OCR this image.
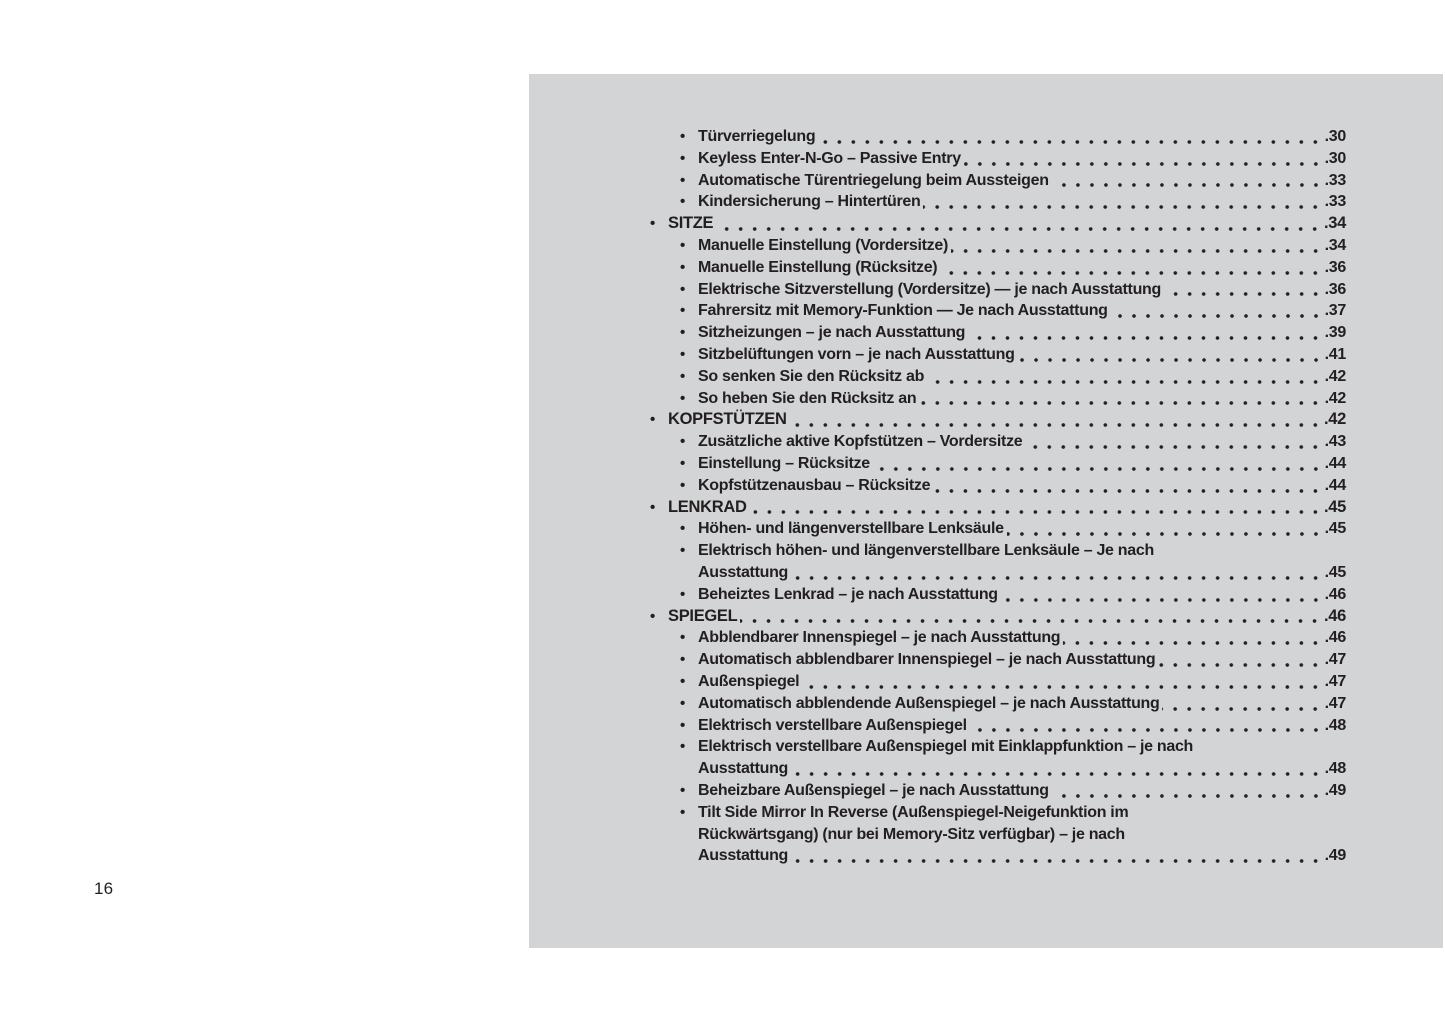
16
• Türverriegelung	.30
• Keyless Enter-N-Go – Passive Entry	.30
• Automatische Türentriegelung beim Aussteigen	.33
• Kindersicherung – Hintertüren	.33
• SITZE	.34
• Manuelle Einstellung (Vordersitze)	.34
• Manuelle Einstellung (Rücksitze)	.36
• Elektrische Sitzverstellung (Vordersitze) — je nach Ausstattung	.36
• Fahrersitz mit Memory-Funktion — Je nach Ausstattung	.37
• Sitzheizungen – je nach Ausstattung	.39
• Sitzbelüftungen vorn – je nach Ausstattung	.41
• So senken Sie den Rücksitz ab	.42
• So heben Sie den Rücksitz an	.42
• KOPFSTÜTZEN	.42
• Zusätzliche aktive Kopfstützen – Vordersitze	.43
• Einstellung – Rücksitze	.44
• Kopfstützenausbau – Rücksitze	.44
• LENKRAD	.45
• Höhen- und längenverstellbare Lenksäule	.45
• Elektrisch höhen- und längenverstellbare Lenksäule – Je nach
Ausstattung	.45
• Beheiztes Lenkrad – je nach Ausstattung	.46
• SPIEGEL	.46
• Abblendbarer Innenspiegel – je nach Ausstattung	.46
• Automatisch abblendbarer Innenspiegel – je nach Ausstattung	.47
• Außenspiegel	.47
• Automatisch abblendende Außenspiegel – je nach Ausstattung	.47
• Elektrisch verstellbare Außenspiegel	.48
• Elektrisch verstellbare Außenspiegel mit Einklappfunktion – je nach
Ausstattung	.48
• Beheizbare Außenspiegel – je nach Ausstattung	.49
• Tilt Side Mirror In Reverse (Außenspiegel-Neigefunktion im
Rückwärtsgang) (nur bei Memory-Sitz verfügbar) – je nach
Ausstattung	.49
